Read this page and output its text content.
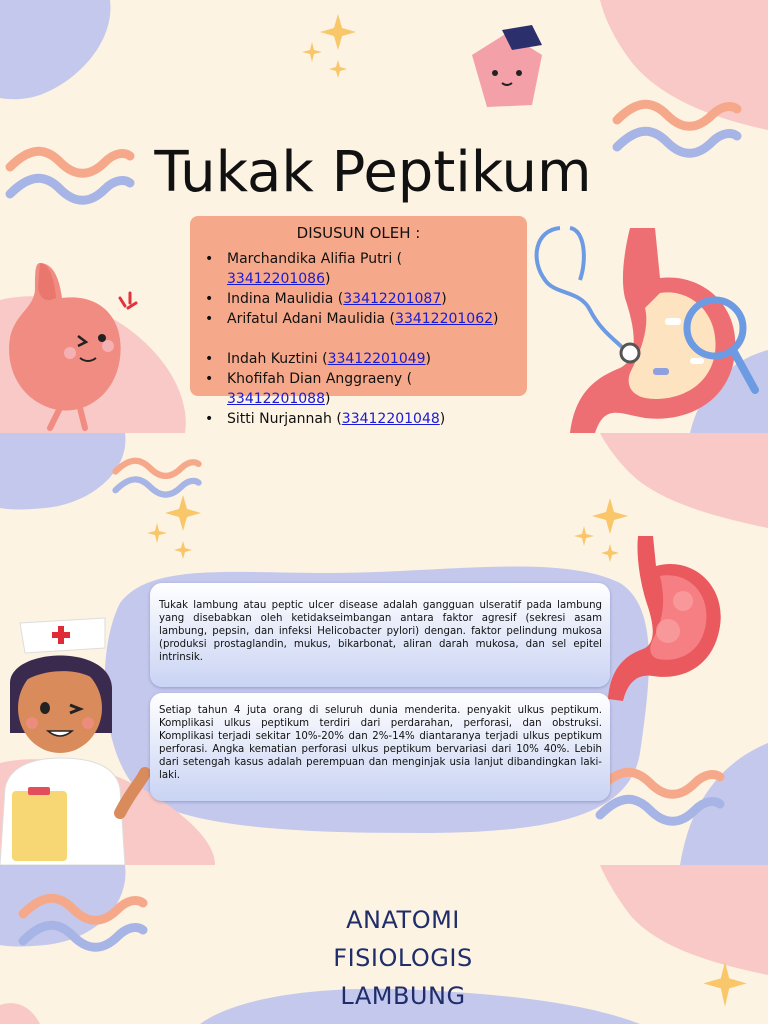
Tukak Peptikum
DISUSUN OLEH :
• Marchandika Alifia Putri (
33412201086)
• Indina Maulidia (33412201087)
• Arifatul Adani Maulidia (33412201062)
• Indah Kuztini (33412201049)
• Khofifah Dian Anggraeny (
33412201088)
• Sitti Nurjannah (33412201048)
Tukak lambung atau peptic ulcer disease adalah gangguan ulseratif pada lambung yang disebabkan oleh ketidakseimbangan antara faktor agresif (sekresi asam lambung, pepsin, dan infeksi Helicobacter pylori) dengan. faktor pelindung mukosa (produksi prostaglandin, mukus, bikarbonat, aliran darah mukosa, dan sel epitel intrinsik.
Setiap tahun 4 juta orang di seluruh dunia menderita. penyakit ulkus peptikum. Komplikasi ulkus peptikum terdiri dari perdarahan, perforasi, dan obstruksi. Komplikasi terjadi sekitar 10%-20% dan 2%-14% diantaranya terjadi ulkus peptikum perforasi. Angka kematian perforasi ulkus peptikum bervariasi dari 10% 40%. Lebih dari setengah kasus adalah perempuan dan menginjak usia lanjut dibandingkan laki-laki.
ANATOMI
FISIOLOGIS
LAMBUNG
